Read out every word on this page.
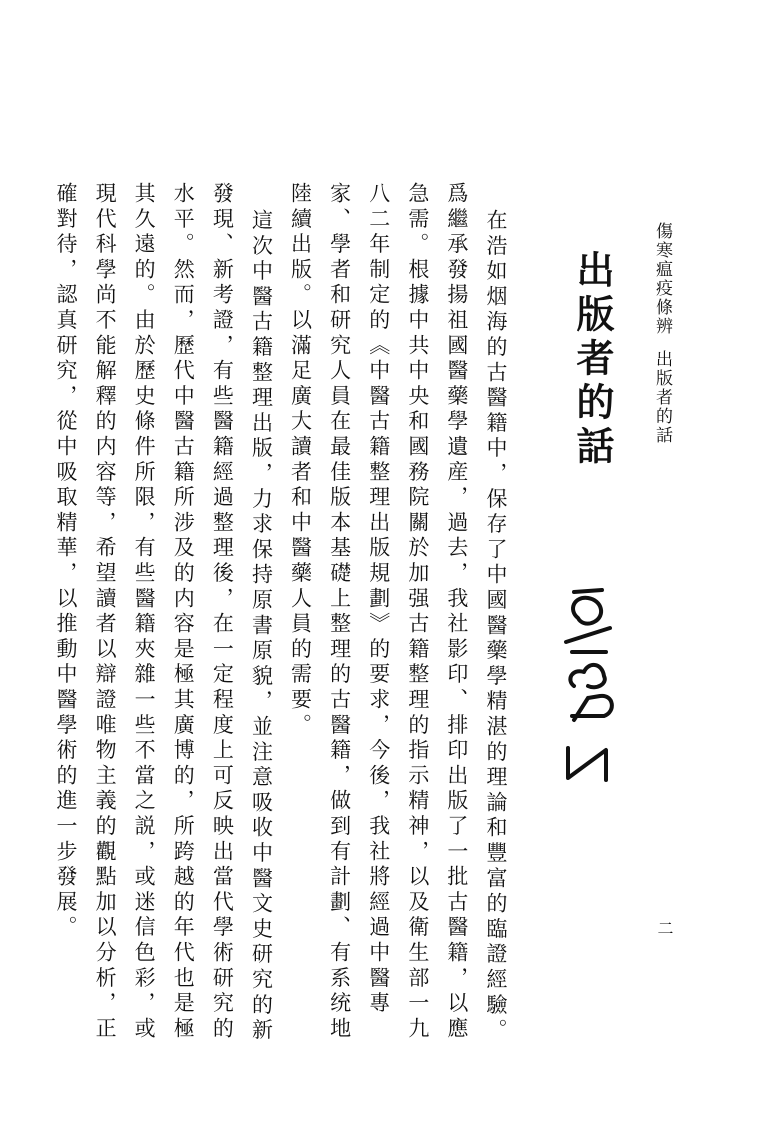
傷寒瘟疫條辨出版者的話
二
出版者的話

在浩如烟海的古醫籍中，保存了中國醫藥學精湛的理論和豐富的臨證經驗。爲繼承發揚祖國醫藥學遺産，過去，我社影印、排印出版了一批古醫籍，以應急需。根據中共中央和國務院關於加强古籍整理的指示精神，以及衛生部一九八二年制定的《中醫古籍整理出版規劃》的要求，今後，我社將經過中醫專家、學者和研究人員在最佳版本基礎上整理的古醫籍，做到有計劃、有系统地陸續出版。以滿足廣大讀者和中醫藥人員的需要。

這次中醫古籍整理出版，力求保持原書原貌，並注意吸收中醫文史研究的新發現、新考證，有些醫籍經過整理後，在一定程度上可反映出當代學術研究的水平。然而，歷代中醫古籍所涉及的内容是極其廣博的，所跨越的年代也是極其久遠的。由於歷史條件所限，有些醫籍夾雜一些不當之説，或迷信色彩，或現代科學尚不能解釋的内容等，希望讀者以辯證唯物主義的觀點加以分析，正確對待，認真研究，從中吸取精華，以推動中醫學術的進一步發展。
